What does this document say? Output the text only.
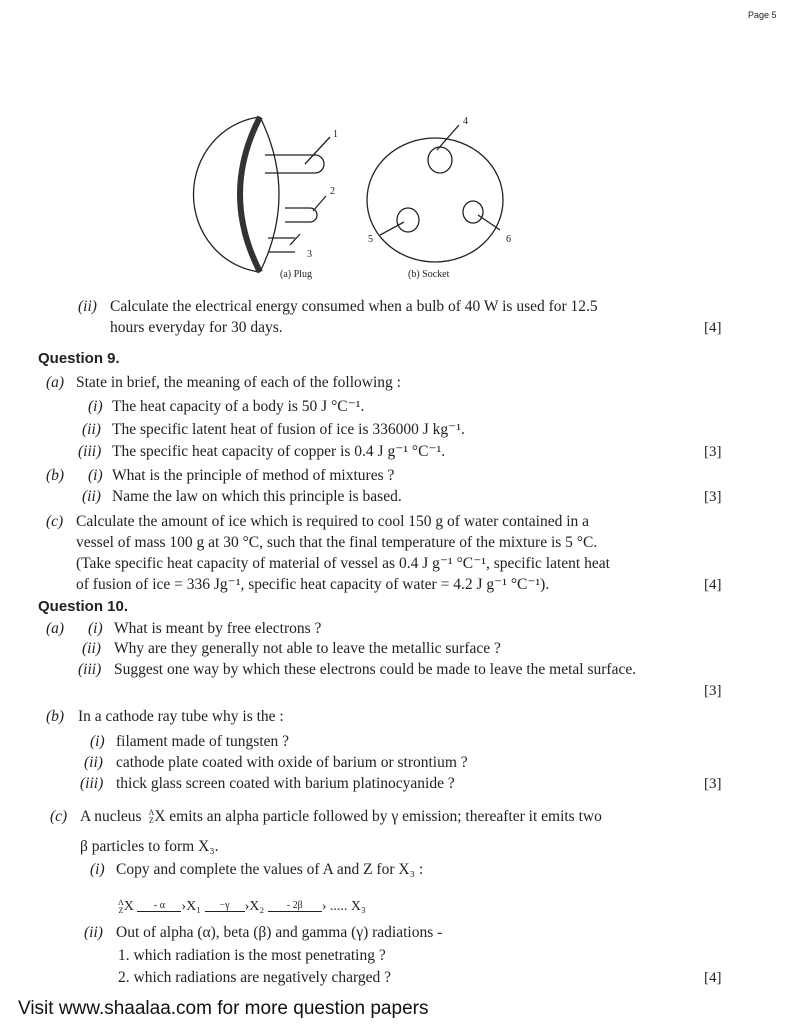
Page 5
1
2
3
4
5	6
(a) Plug	(b) Socket
(ii) Calculate the electrical energy consumed when a bulb of 40 W is used for 12.5
hours everyday for 30 days.	[4]
Question 9.
(a) State in brief, the meaning of each of the following :
(i) The heat capacity of a body is 50 J °C⁻¹.
(ii) The specific latent heat of fusion of ice is 336000 J kg⁻¹.
(iii) The specific heat capacity of copper is 0.4 J g⁻¹ °C⁻¹.	[3]
(b) (i) What is the principle of method of mixtures ?
(ii) Name the law on which this principle is based.	[3]
(c) Calculate the amount of ice which is required to cool 150 g of water contained in a
vessel of mass 100 g at 30 °C, such that the final temperature of the mixture is 5 °C.
(Take specific heat capacity of material of vessel as 0.4 J g⁻¹ °C⁻¹, specific latent heat
of fusion of ice = 336 Jg⁻¹, specific heat capacity of water = 4.2 J g⁻¹ °C⁻¹).	[4]
Question 10.
(a) (i) What is meant by free electrons ?
(ii) Why are they generally not able to leave the metallic surface ?
(iii) Suggest one way by which these electrons could be made to leave the metal surface.
[3]
(b) In a cathode ray tube why is the :
(i) filament made of tungsten ?
(ii) cathode plate coated with oxide of barium or strontium ?
(iii) thick glass screen coated with barium platinocyanide ?	[3]
(c) A nucleus A
ZX emits an alpha particle followed by γ emission; thereafter it emits two
β particles to form X₃.
(i) Copy and complete the values of A and Z for X₃ :
A
ZX - α ›X₁ −γ ›X₂ - 2β › ..... X₃
(ii) Out of alpha (α), beta (β) and gamma (γ) radiations -
1. which radiation is the most penetrating ?
2. which radiations are negatively charged ?	[4]
Visit www.shaalaa.com for more question papers
